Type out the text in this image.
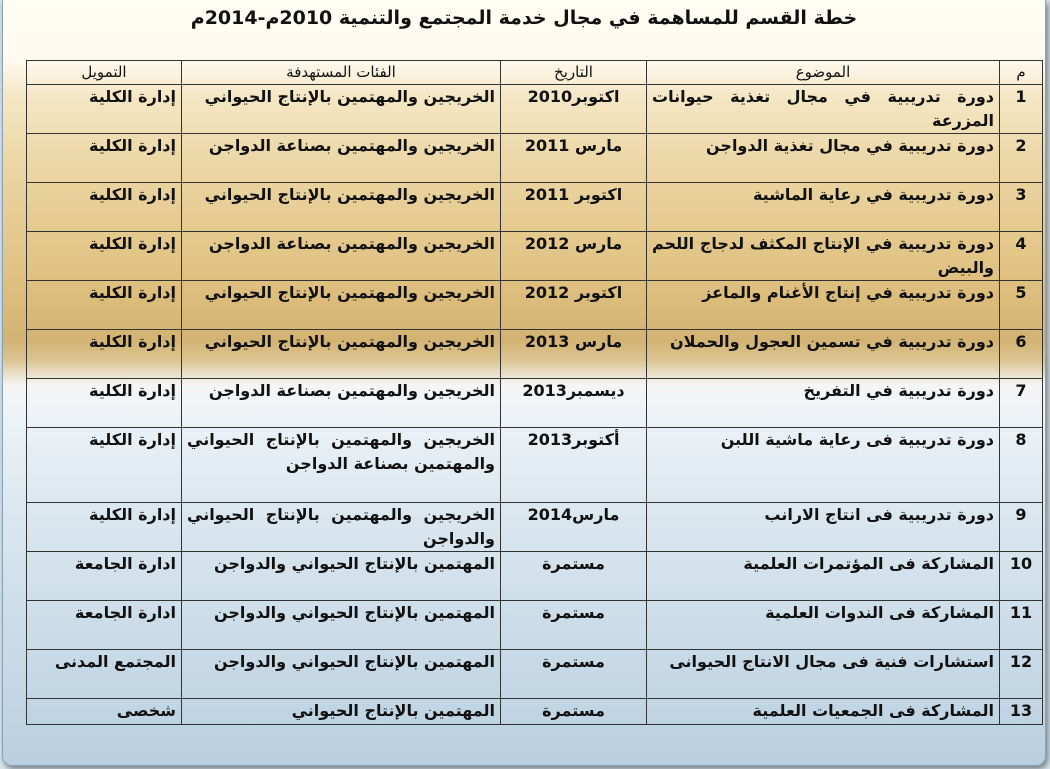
خطة القسم للمساهمة في مجال خدمة المجتمع والتنمية 2010م-2014م
م	الموضوع	التاريخ	الفئات المستهدفة	التمويل
1	دورة تدريبية في مجال تغذية حيوانات المزرعة	اكتوبر2010	الخريجين والمهتمين بالإنتاج الحيواني	إدارة الكلية
2	دورة تدريبية في مجال تغذية الدواجن	مارس 2011	الخريجين والمهتمين بصناعة الدواجن	إدارة الكلية
3	دورة تدريبية في رعاية الماشية	اكتوبر 2011	الخريجين والمهتمين بالإنتاج الحيواني	إدارة الكلية
4	دورة تدريبية في الإنتاج المكثف لدجاج اللحم والبيض	مارس 2012	الخريجين والمهتمين بصناعة الدواجن	إدارة الكلية
5	دورة تدريبية في إنتاج الأغنام والماعز	اكتوبر 2012	الخريجين والمهتمين بالإنتاج الحيواني	إدارة الكلية
6	دورة تدريبية في تسمين العجول والحملان	مارس 2013	الخريجين والمهتمين بالإنتاج الحيواني	إدارة الكلية
7	دورة تدريبية في التفريخ	ديسمبر2013	الخريجين والمهتمين بصناعة الدواجن	إدارة الكلية
8	دورة تدريبية فى رعاية ماشية اللبن	أكتوبر2013	الخريجين والمهتمين بالإنتاج الحيواني والمهتمين بصناعة الدواجن	إدارة الكلية
9	دورة تدريبية فى انتاج الارانب	مارس2014	الخريجين والمهتمين بالإنتاج الحيواني والدواجن	إدارة الكلية
10	المشاركة فى المؤتمرات العلمية	مستمرة	المهتمين بالإنتاج الحيواني والدواجن	ادارة الجامعة
11	المشاركة فى الندوات العلمية	مستمرة	المهتمين بالإنتاج الحيواني والدواجن	ادارة الجامعة
12	استشارات فنية فى مجال الانتاج الحيوانى	مستمرة	المهتمين بالإنتاج الحيواني والدواجن	المجتمع المدنى
13	المشاركة فى الجمعيات العلمية	مستمرة	المهتمين بالإنتاج الحيواني	شخصى
